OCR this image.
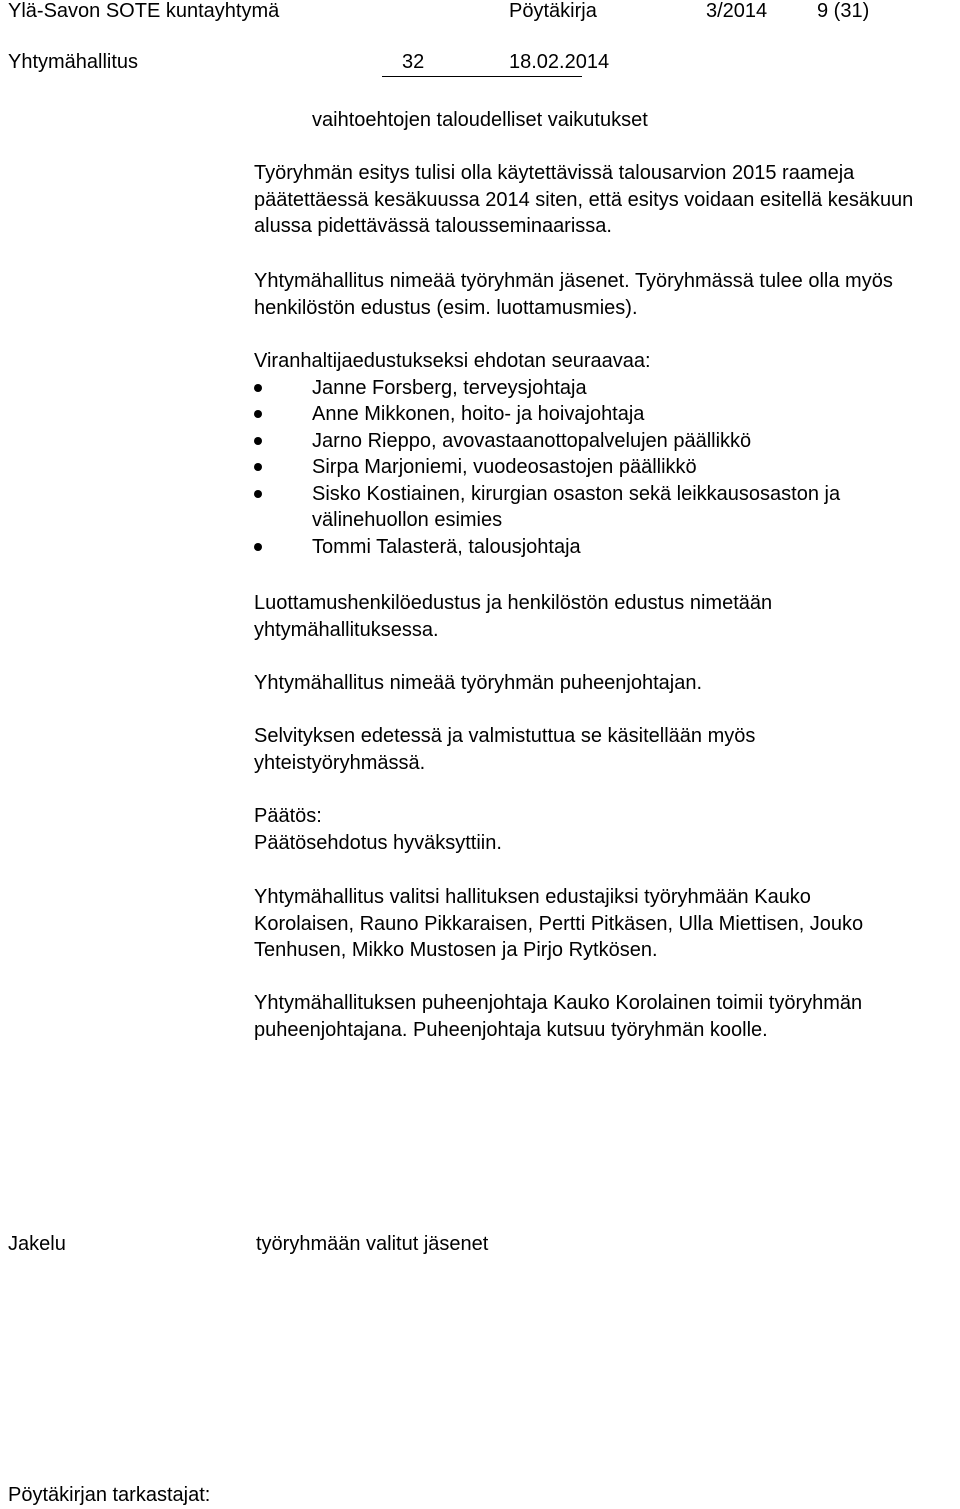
Ylä-Savon SOTE kuntayhtymä	Pöytäkirja	3/2014 9 (31)
Yhtymähallitus	32	18.02.2014
vaihtoehtojen taloudelliset vaikutukset
Työryhmän esitys tulisi olla käytettävissä talousarvion 2015 raameja päätettäessä kesäkuussa 2014 siten, että esitys voidaan esitellä kesäkuun alussa pidettävässä talousseminaarissa.
Yhtymähallitus nimeää työryhmän jäsenet. Työryhmässä tulee olla myös henkilöstön edustus (esim. luottamusmies).
Viranhaltijaedustukseksi ehdotan seuraavaa:
Janne Forsberg, terveysjohtaja
Anne Mikkonen, hoito- ja hoivajohtaja
Jarno Rieppo, avovastaanottopalvelujen päällikkö
Sirpa Marjoniemi, vuodeosastojen päällikkö
Sisko Kostiainen, kirurgian osaston sekä leikkausosaston ja välinehuollon esimies
Tommi Talasterä, talousjohtaja
Luottamushenkilöedustus ja henkilöstön edustus nimetään yhtymähallituksessa.
Yhtymähallitus nimeää työryhmän puheenjohtajan.
Selvityksen edetessä ja valmistuttua se käsitellään myös yhteistyöryhmässä.
Päätös:
Päätösehdotus hyväksyttiin.
Yhtymähallitus valitsi hallituksen edustajiksi työryhmään Kauko Korolaisen, Rauno Pikkaraisen, Pertti Pitkäsen, Ulla Miettisen, Jouko Tenhusen, Mikko Mustosen ja Pirjo Rytkösen.
Yhtymähallituksen puheenjohtaja Kauko Korolainen toimii työryhmän puheenjohtajana. Puheenjohtaja kutsuu työryhmän koolle.
Jakelu	työryhmään valitut jäsenet
Pöytäkirjan tarkastajat:
